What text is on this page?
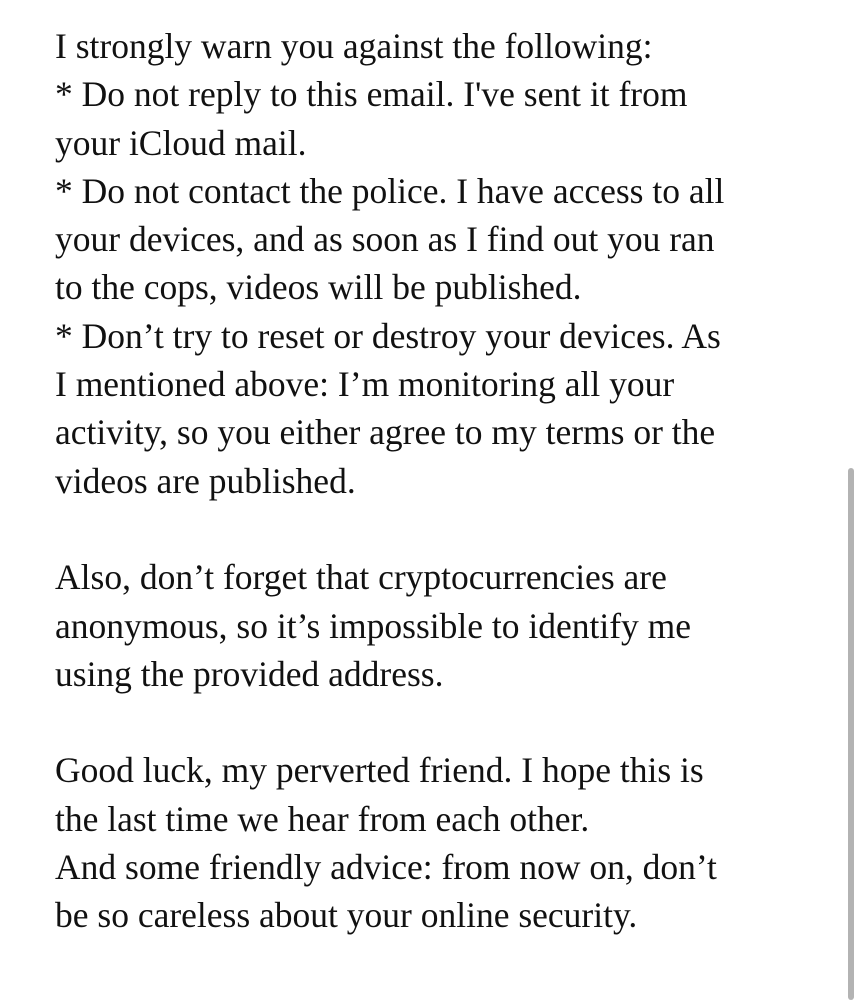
I strongly warn you against the following:
* Do not reply to this email. I've sent it from
your iCloud mail.
* Do not contact the police. I have access to all
your devices, and as soon as I find out you ran
to the cops, videos will be published.
* Don’t try to reset or destroy your devices. As
I mentioned above: I’m monitoring all your
activity, so you either agree to my terms or the
videos are published.
Also, don’t forget that cryptocurrencies are
anonymous, so it’s impossible to identify me
using the provided address.
Good luck, my perverted friend. I hope this is
the last time we hear from each other.
And some friendly advice: from now on, don’t
be so careless about your online security.
